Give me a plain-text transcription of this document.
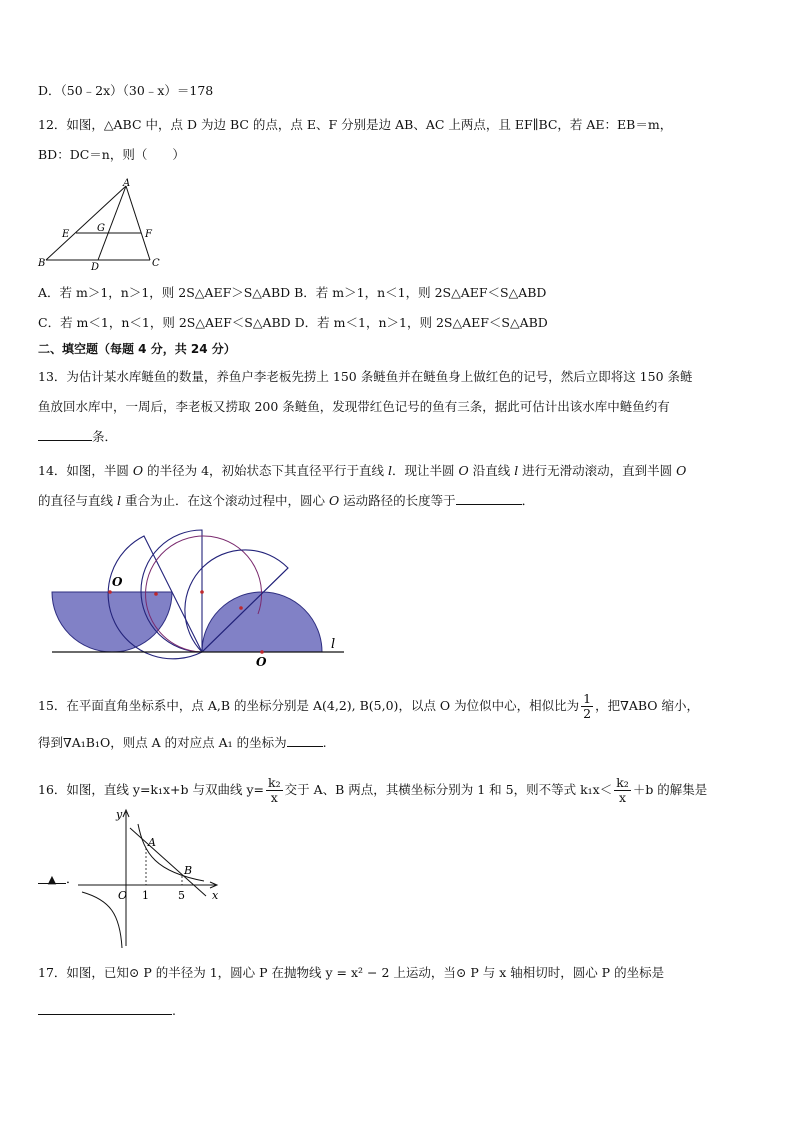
D．（50﹣2x）（30﹣x）＝178
12．如图，△ABC 中，点 D 为边 BC 的点，点 E、F 分别是边 AB、AC 上两点，且 EF∥BC，若 AE：EB＝m，
BD：DC＝n，则（　　）
A
E
G
F
B	D	C
A．若 m＞1，n＞1，则 2S△AEF＞S△ABD B．若 m＞1，n＜1，则 2S△AEF＜S△ABD
C．若 m＜1，n＜1，则 2S△AEF＜S△ABD D．若 m＜1，n＞1，则 2S△AEF＜S△ABD
二、填空题（每题 4 分，共 24 分）
13．为估计某水库鲢鱼的数量，养鱼户李老板先捞上 150 条鲢鱼并在鲢鱼身上做红色的记号，然后立即将这 150 条鲢
鱼放回水库中，一周后，李老板又捞取 200 条鲢鱼，发现带红色记号的鱼有三条，据此可估计出该水库中鲢鱼约有
条．
14．如图，半圆 O 的半径为 4，初始状态下其直径平行于直线 l．现让半圆 O 沿直线 l 进行无滑动滚动，直到半圆 O
的直径与直线 l 重合为止．在这个滚动过程中，圆心 O 运动路径的长度等于	．
O
O
l
15．在平面直角坐标系中，点 A,B 的坐标分别是 A(4,2), B(5,0)，以点 O 为位似中心，相似比为 $\frac{1}{2}$ ，把∇ABO 缩小，
得到∇A₁B₁O，则点 A 的对应点 A₁ 的坐标为	.
16．如图，直线 y=k₁x+b 与双曲线 $y= \frac{\text{k₂}}{x}$ 交于 A、B 两点，其横坐标分别为 1 和 5，则不等式 $k_1x< \frac{\text{k₂}}{x} +b$ 的解集是
▲ ．
y
x
O
A
B
1	5
17．如图，已知⊙ P 的半径为 1，圆心 P 在抛物线 y = x² − 2 上运动，当⊙ P 与 x 轴相切时，圆心 P 的坐标是
.
